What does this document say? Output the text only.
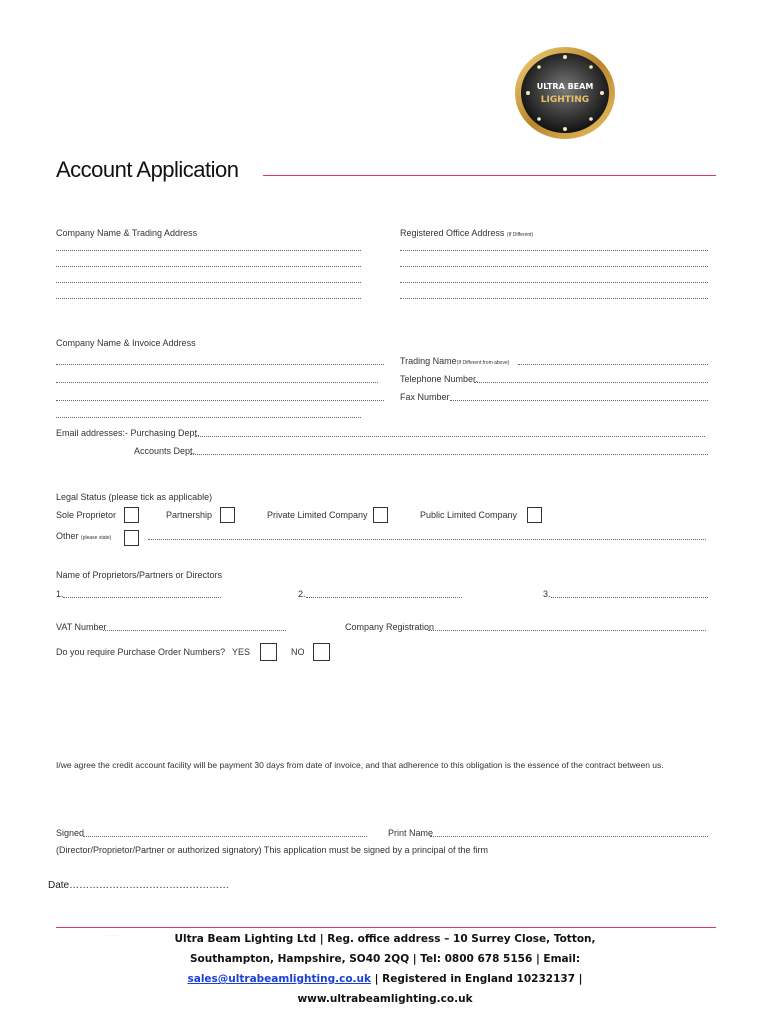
ULTRA BEAM
LIGHTING
Account Application
Company Name & Trading Address	Registered Office Address (If Different)
Company Name & Invoice Address
Trading Name(If Different from above)
Telephone Number.
Fax Number
Email addresses:- Purchasing Dept.
Accounts Dept.
Legal Status (please tick as applicable)
Sole Proprietor	Partnership	Private Limited Company	Public Limited Company
Other (please state)
Name of Proprietors/Partners or Directors
1.	2.	3.
VAT Number	Company Registration
Do you require Purchase Order Numbers? YES	NO
I/we agree the credit account facility will be payment 30 days from date of invoice, and that adherence to this obligation is the essence of the contract between us.
Signed	Print Name
(Director/Proprietor/Partner or authorized signatory) This application must be signed by a principal of the firm
Date…………………………………………
· · · · · ·	Ultra Beam Lighting Ltd | Reg. office address – 10 Surrey Close, Totton,
Southampton, Hampshire, SO40 2QQ | Tel: 0800 678 5156 | Email:
sales@ultrabeamlighting.co.uk | Registered in England 10232137 |
www.ultrabeamlighting.co.uk
